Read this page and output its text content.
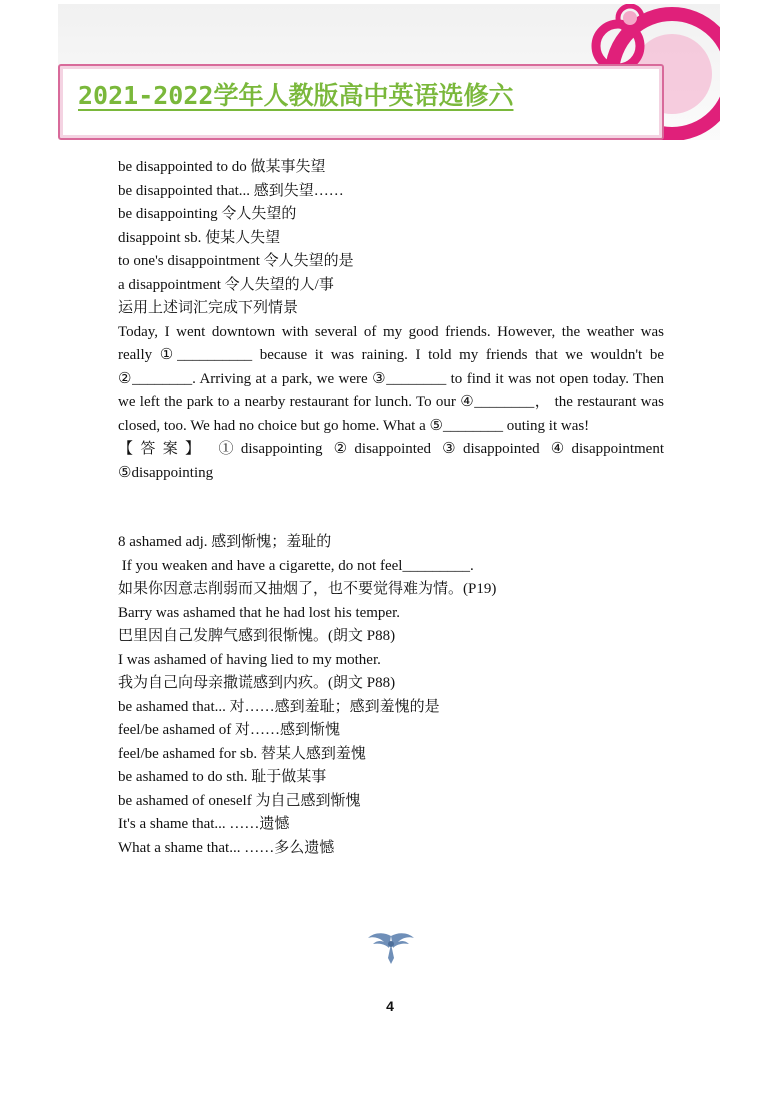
2021-2022学年人教版高中英语选修六
be disappointed to do 做某事失望
be disappointed that... 感到失望……
be disappointing 令人失望的
disappoint sb. 使某人失望
to one's disappointment 令人失望的是
a disappointment 令人失望的人/事
运用上述词汇完成下列情景
Today, I went downtown with several of my good friends. However, the weather was really ①__________ because it was raining. I told my friends that we wouldn't be ②________. Arriving at a park, we were ③________ to find it was not open today. Then we left the park to a nearby restaurant for lunch. To our ④________， the restaurant was closed, too. We had no choice but go home. What a ⑤________ outing it was!
【答案】 ①disappointing ②disappointed ③disappointed ④disappointment ⑤disappointing
8 ashamed adj. 感到惭愧；羞耻的
If you weaken and have a cigarette, do not feel_________.
如果你因意志削弱而又抽烟了，也不要觉得难为情。(P19)
Barry was ashamed that he had lost his temper.
巴里因自己发脾气感到很惭愧。(朗文 P88)
I was ashamed of having lied to my mother.
我为自己向母亲撒谎感到内疚。(朗文 P88)
be ashamed that... 对……感到羞耻；感到羞愧的是
feel/be ashamed of 对……感到惭愧
feel/be ashamed for sb. 替某人感到羞愧
be ashamed to do sth. 耻于做某事
be ashamed of oneself 为自己感到惭愧
It's a shame that... ……遗憾
What a shame that... ……多么遗憾
4
